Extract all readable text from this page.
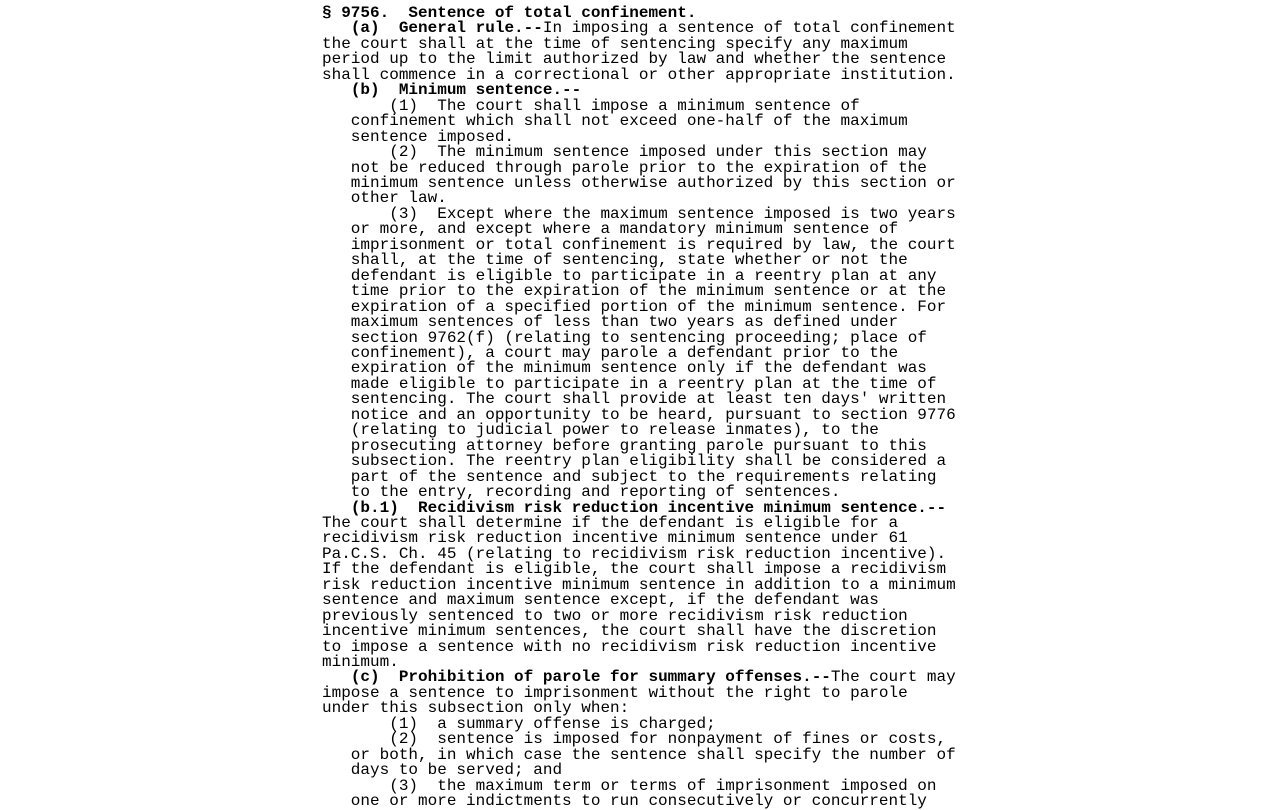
§ 9756.  Sentence of total confinement.
(a)  General rule.--In imposing a sentence of total confinement
the court shall at the time of sentencing specify any maximum
period up to the limit authorized by law and whether the sentence
shall commence in a correctional or other appropriate institution.
(b)  Minimum sentence.--
(1)  The court shall impose a minimum sentence of
confinement which shall not exceed one-half of the maximum
sentence imposed.
(2)  The minimum sentence imposed under this section may
not be reduced through parole prior to the expiration of the
minimum sentence unless otherwise authorized by this section or
other law.
(3)  Except where the maximum sentence imposed is two years
or more, and except where a mandatory minimum sentence of
imprisonment or total confinement is required by law, the court
shall, at the time of sentencing, state whether or not the
defendant is eligible to participate in a reentry plan at any
time prior to the expiration of the minimum sentence or at the
expiration of a specified portion of the minimum sentence. For
maximum sentences of less than two years as defined under
section 9762(f) (relating to sentencing proceeding; place of
confinement), a court may parole a defendant prior to the
expiration of the minimum sentence only if the defendant was
made eligible to participate in a reentry plan at the time of
sentencing. The court shall provide at least ten days' written
notice and an opportunity to be heard, pursuant to section 9776
(relating to judicial power to release inmates), to the
prosecuting attorney before granting parole pursuant to this
subsection. The reentry plan eligibility shall be considered a
part of the sentence and subject to the requirements relating
to the entry, recording and reporting of sentences.
(b.1)  Recidivism risk reduction incentive minimum sentence.--
The court shall determine if the defendant is eligible for a
recidivism risk reduction incentive minimum sentence under 61
Pa.C.S. Ch. 45 (relating to recidivism risk reduction incentive).
If the defendant is eligible, the court shall impose a recidivism
risk reduction incentive minimum sentence in addition to a minimum
sentence and maximum sentence except, if the defendant was
previously sentenced to two or more recidivism risk reduction
incentive minimum sentences, the court shall have the discretion
to impose a sentence with no recidivism risk reduction incentive
minimum.
(c)  Prohibition of parole for summary offenses.--The court may
impose a sentence to imprisonment without the right to parole
under this subsection only when:
(1)  a summary offense is charged;
(2)  sentence is imposed for nonpayment of fines or costs,
or both, in which case the sentence shall specify the number of
days to be served; and
(3)  the maximum term or terms of imprisonment imposed on
one or more indictments to run consecutively or concurrently
